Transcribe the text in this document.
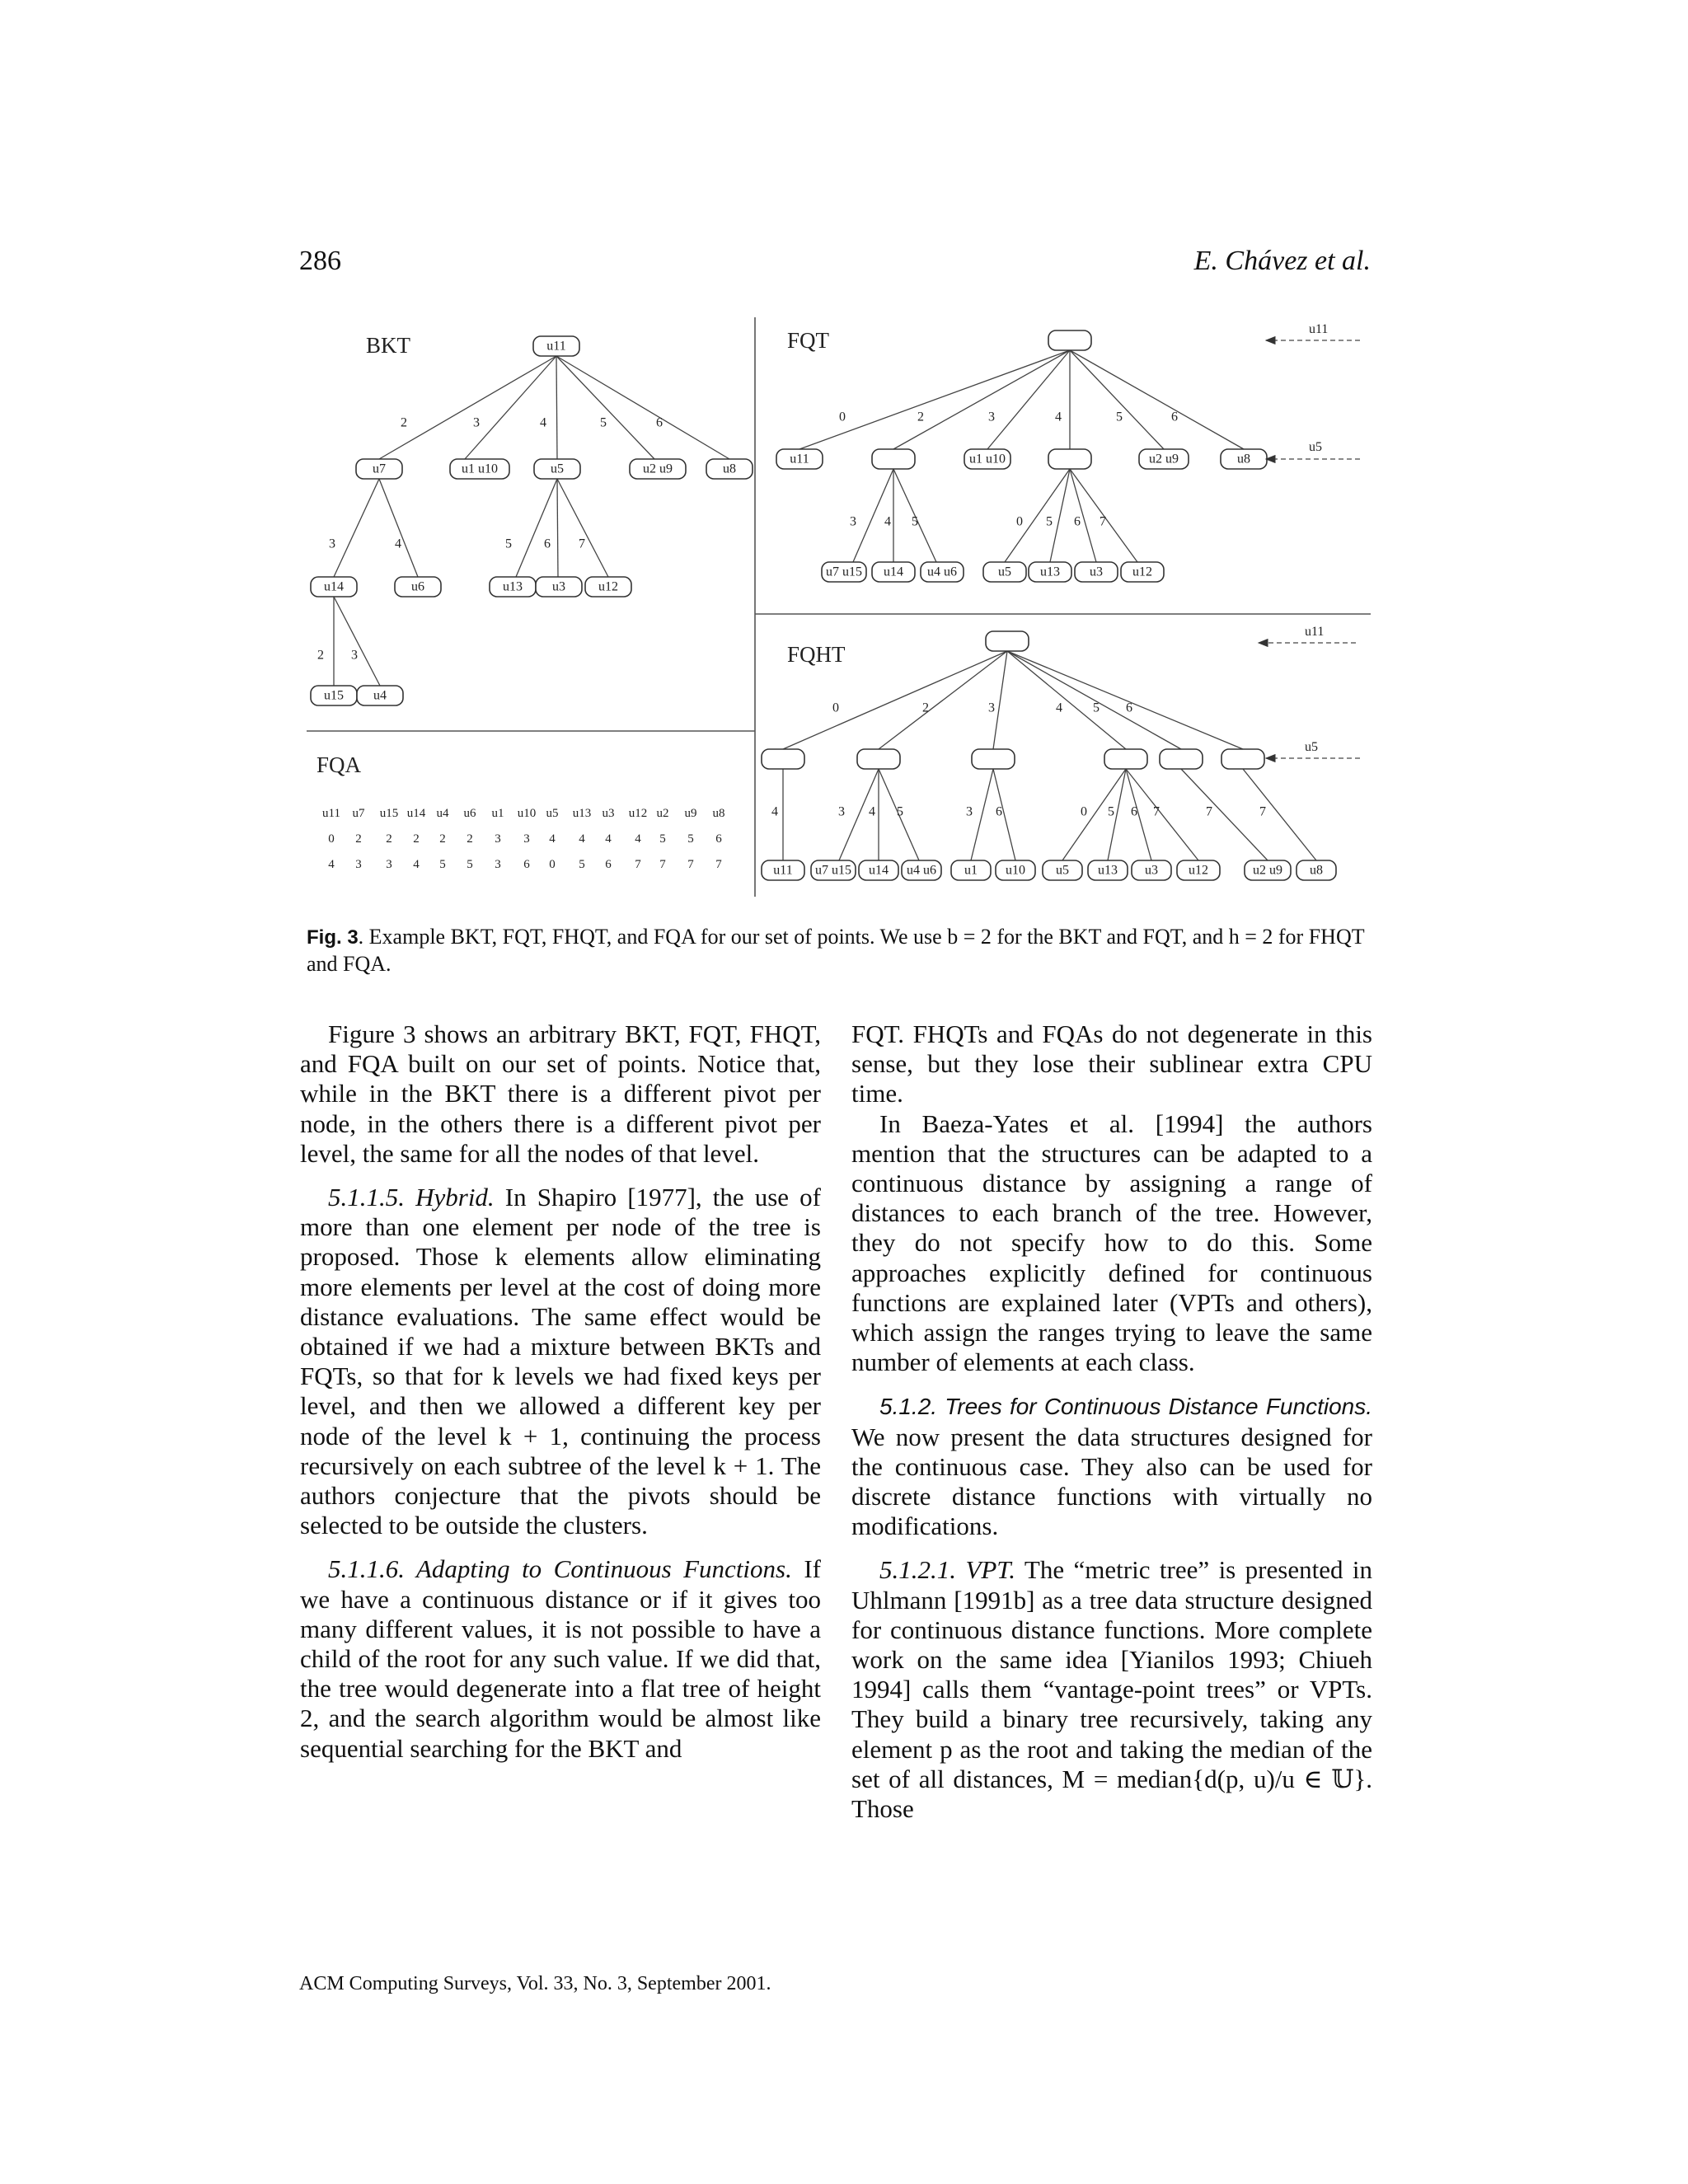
286	E. Chávez et al.
BKT	FQT
FQHT
FQA
2	3	4	5	6
3	4	5 6 7
2 3
u11
u7	u1 u10	u5	u2 u9	u8
u14	u6	u13 u3	u12
u15 u4
0	2	3	4	5	6
3 4 5	0 5 6 7
u11	u1 u10	u2 u9	u8
u7 u15 u14 u4 u6	u5 u13 u3 u12
u11
u5
0	2	3	4 5 6
4	3 4 5	3 6	0 5 6 7	7	7
u11 u7 u15 u14 u4 u6 u1 u10 u5 u13 u3 u12	u2 u9 u8
u11
u5
u11 u7 u15 u14 u4 u6 u1 u10 u5 u13 u3 u12 u2 u9 u8
0 2 2 2 2 2 3 3 4 4 4 4 5 5 6
4 3 3 4 5 5 3 6 0 5 6 7 7 7 7
Fig. 3. Example BKT, FQT, FHQT, and FQA for our set of points. We use b = 2 for the BKT and FQT, and h = 2 for FHQT and FQA.

Figure 3 shows an arbitrary BKT, FQT, FHQT, and FQA built on our set of points. Notice that, while in the BKT there is a different pivot per node, in the others there is a different pivot per level, the same for all the nodes of that level.

5.1.1.5. Hybrid. In Shapiro [1977], the use of more than one element per node of the tree is proposed. Those k elements allow eliminating more elements per level at the cost of doing more distance evaluations. The same effect would be obtained if we had a mixture between BKTs and FQTs, so that for k levels we had fixed keys per level, and then we allowed a different key per node of the level k + 1, continuing the process recursively on each subtree of the level k + 1. The authors conjecture that the pivots should be selected to be outside the clusters.

5.1.1.6. Adapting to Continuous Functions. If we have a continuous distance or if it gives too many different values, it is not possible to have a child of the root for any such value. If we did that, the tree would degenerate into a flat tree of height 2, and the search algorithm would be almost like sequential searching for the BKT and

FQT. FHQTs and FQAs do not degenerate in this sense, but they lose their sublinear extra CPU time.

In Baeza-Yates et al. [1994] the authors mention that the structures can be adapted to a continuous distance by assigning a range of distances to each branch of the tree. However, they do not specify how to do this. Some approaches explicitly defined for continuous functions are explained later (VPTs and others), which assign the ranges trying to leave the same number of elements at each class.

5.1.2. Trees for Continuous Distance Functions. We now present the data structures designed for the continuous case. They also can be used for discrete distance functions with virtually no modifications.

5.1.2.1. VPT. The “metric tree” is presented in Uhlmann [1991b] as a tree data structure designed for continuous distance functions. More complete work on the same idea [Yianilos 1993; Chiueh 1994] calls them “vantage-point trees” or VPTs. They build a binary tree recursively, taking any element p as the root and taking the median of the set of all distances, M = median{d(p, u)/u ∈ 𝕌}. Those

ACM Computing Surveys, Vol. 33, No. 3, September 2001.
